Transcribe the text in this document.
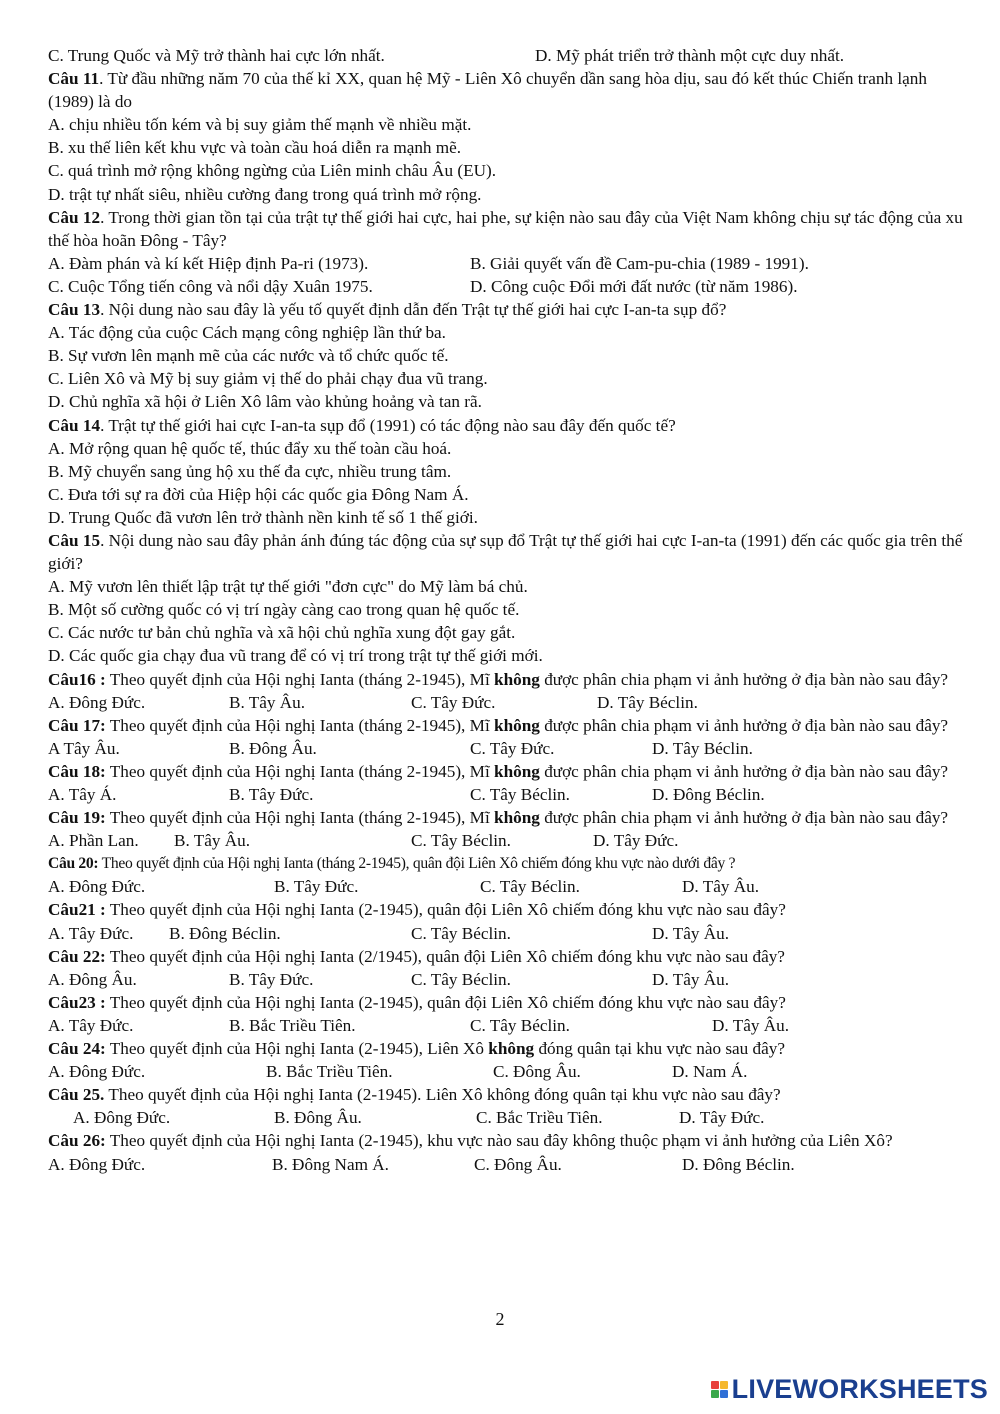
C. Trung Quốc và Mỹ trở thành hai cực lớn nhất.	D. Mỹ phát triển trở thành một cực duy nhất.
Câu 11. Từ đầu những năm 70 của thế kỉ XX, quan hệ Mỹ - Liên Xô chuyển dần sang hòa dịu, sau đó kết thúc Chiến tranh lạnh (1989) là do
A. chịu nhiều tốn kém và bị suy giảm thế mạnh về nhiều mặt.
B. xu thế liên kết khu vực và toàn cầu hoá diễn ra mạnh mẽ.
C. quá trình mở rộng không ngừng của Liên minh châu Âu (EU).
D. trật tự nhất siêu, nhiều cường đang trong quá trình mở rộng.
Câu 12. Trong thời gian tồn tại của trật tự thế giới hai cực, hai phe, sự kiện nào sau đây của Việt Nam không chịu sự tác động của xu thế hòa hoãn Đông - Tây?
A. Đàm phán và kí kết Hiệp định Pa-ri (1973).	B. Giải quyết vấn đề Cam-pu-chia (1989 - 1991).
C. Cuộc Tổng tiến công và nổi dậy Xuân 1975.	D. Công cuộc Đổi mới đất nước (từ năm 1986).
Câu 13. Nội dung nào sau đây là yếu tố quyết định dẫn đến Trật tự thế giới hai cực I-an-ta sụp đổ?
A. Tác động của cuộc Cách mạng công nghiệp lần thứ ba.
B. Sự vươn lên mạnh mẽ của các nước và tổ chức quốc tế.
C. Liên Xô và Mỹ bị suy giảm vị thế do phải chạy đua vũ trang.
D. Chủ nghĩa xã hội ở Liên Xô lâm vào khủng hoảng và tan rã.
Câu 14. Trật tự thế giới hai cực I-an-ta sụp đổ (1991) có tác động nào sau đây đến quốc tế?
A. Mở rộng quan hệ quốc tế, thúc đẩy xu thế toàn cầu hoá.
B. Mỹ chuyển sang ủng hộ xu thế đa cực, nhiều trung tâm.
C. Đưa tới sự ra đời của Hiệp hội các quốc gia Đông Nam Á.
D. Trung Quốc đã vươn lên trở thành nền kinh tế số 1 thế giới.
Câu 15. Nội dung nào sau đây phản ánh đúng tác động của sự sụp đổ Trật tự thế giới hai cực I-an-ta (1991) đến các quốc gia trên thế giới?
A. Mỹ vươn lên thiết lập trật tự thế giới "đơn cực" do Mỹ làm bá chủ.
B. Một số cường quốc có vị trí ngày càng cao trong quan hệ quốc tế.
C. Các nước tư bản chủ nghĩa và xã hội chủ nghĩa xung đột gay gắt.
D. Các quốc gia chạy đua vũ trang để có vị trí trong trật tự thế giới mới.
Câu16 : Theo quyết định của Hội nghị Ianta (tháng 2-1945), Mĩ không được phân chia phạm vi ảnh hưởng ở địa bàn nào sau đây?
A. Đông Đức.	B. Tây Âu.	C. Tây Đức.	D. Tây Béclin.
Câu 17: Theo quyết định của Hội nghị Ianta (tháng 2-1945), Mĩ không được phân chia phạm vi ảnh hưởng ở địa bàn nào sau đây?
A Tây Âu.	B. Đông Âu.	C. Tây Đức.	D. Tây Béclin.
Câu 18: Theo quyết định của Hội nghị Ianta (tháng 2-1945), Mĩ không được phân chia phạm vi ảnh hưởng ở địa bàn nào sau đây?
A. Tây Á.	B. Tây Đức.	C. Tây Béclin.	D. Đông Béclin.
Câu 19: Theo quyết định của Hội nghị Ianta (tháng 2-1945), Mĩ không được phân chia phạm vi ảnh hưởng ở địa bàn nào sau đây?
A. Phần Lan. B. Tây Âu.	C. Tây Béclin.	D. Tây Đức.
Câu 20: Theo quyết định của Hội nghị Ianta (tháng 2-1945), quân đội Liên Xô chiếm đóng khu vực nào dưới đây ?
A. Đông Đức.	B. Tây Đức.	C. Tây Béclin.	D. Tây Âu.
Câu21 : Theo quyết định của Hội nghị Ianta (2-1945), quân đội Liên Xô chiếm đóng khu vực nào sau đây?
A. Tây Đức. B. Đông Béclin.	C. Tây Béclin.	D. Tây Âu.
Câu 22: Theo quyết định của Hội nghị Ianta (2/1945), quân đội Liên Xô chiếm đóng khu vực nào sau đây?
A. Đông Âu.	B. Tây Đức.	C. Tây Béclin.	D. Tây Âu.
Câu23 : Theo quyết định của Hội nghị Ianta (2-1945), quân đội Liên Xô chiếm đóng khu vực nào sau đây?
A. Tây Đức.	B. Bắc Triều Tiên.	C. Tây Béclin.	D. Tây Âu.
Câu 24: Theo quyết định của Hội nghị Ianta (2-1945), Liên Xô không đóng quân tại khu vực nào sau đây?
A. Đông Đức.	B. Bắc Triều Tiên.	C. Đông Âu.	D. Nam Á.
Câu 25. Theo quyết định của Hội nghị Ianta (2-1945). Liên Xô không đóng quân tại khu vực nào sau đây?
A. Đông Đức.	B. Đông Âu.	C. Bắc Triều Tiên.	D. Tây Đức.
Câu 26: Theo quyết định của Hội nghị Ianta (2-1945), khu vực nào sau đây không thuộc phạm vi ảnh hưởng của Liên Xô?
A. Đông Đức.	B. Đông Nam Á.	C. Đông Âu.	D. Đông Béclin.
2
LIVEWORKSHEETS
